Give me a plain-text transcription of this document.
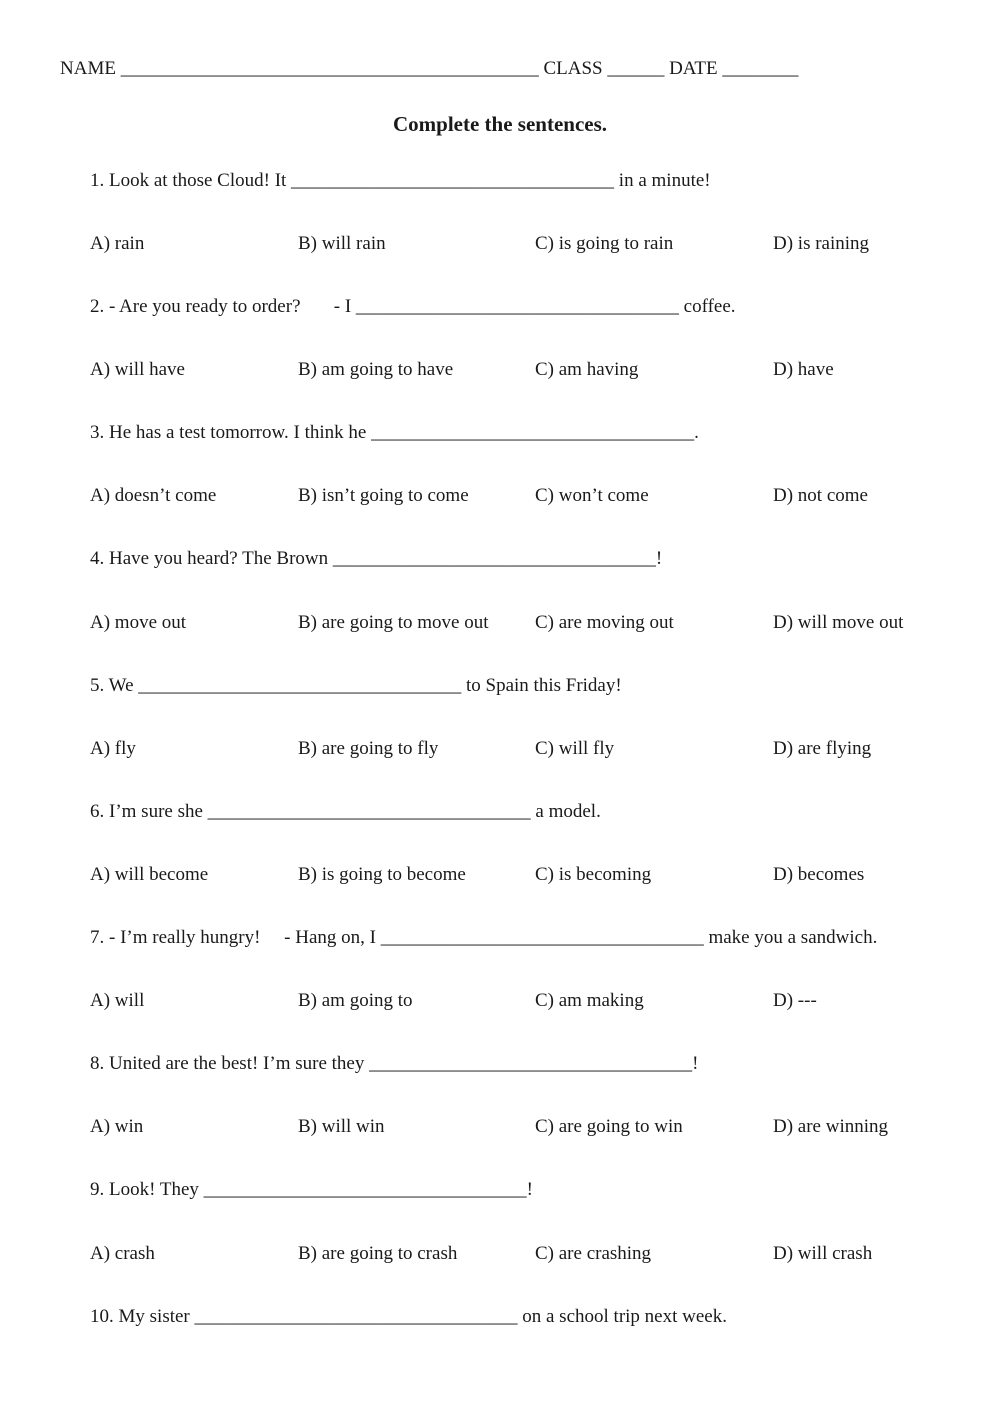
NAME ____________________________________________ CLASS ______ DATE ________
Complete the sentences.
1. Look at those Cloud! It __________________________________ in a minute!
A) rain	B) will rain	C) is going to rain	D) is raining
2. - Are you ready to order?       - I __________________________________ coffee.
A) will have	B) am going to have	C) am having	D) have
3. He has a test tomorrow. I think he __________________________________.
A) doesn’t come	B) isn’t going to come	C) won’t come	D) not come
4. Have you heard? The Brown __________________________________!
A) move out	B) are going to move out C) are moving out	D) will move out
5. We __________________________________ to Spain this Friday!
A) fly	B) are going to fly	C) will fly	D) are flying
6. I’m sure she __________________________________ a model.
A) will become	B) is going to become	C) is becoming	D) becomes
7. - I’m really hungry!     - Hang on, I __________________________________ make you a sandwich.
A) will	B) am going to	C) am making	D) ---
8. United are the best! I’m sure they __________________________________!
A) win	B) will win	C) are going to win	D) are winning
9. Look! They __________________________________!
A) crash	B) are going to crash	C) are crashing	D) will crash
10. My sister __________________________________ on a school trip next week.
